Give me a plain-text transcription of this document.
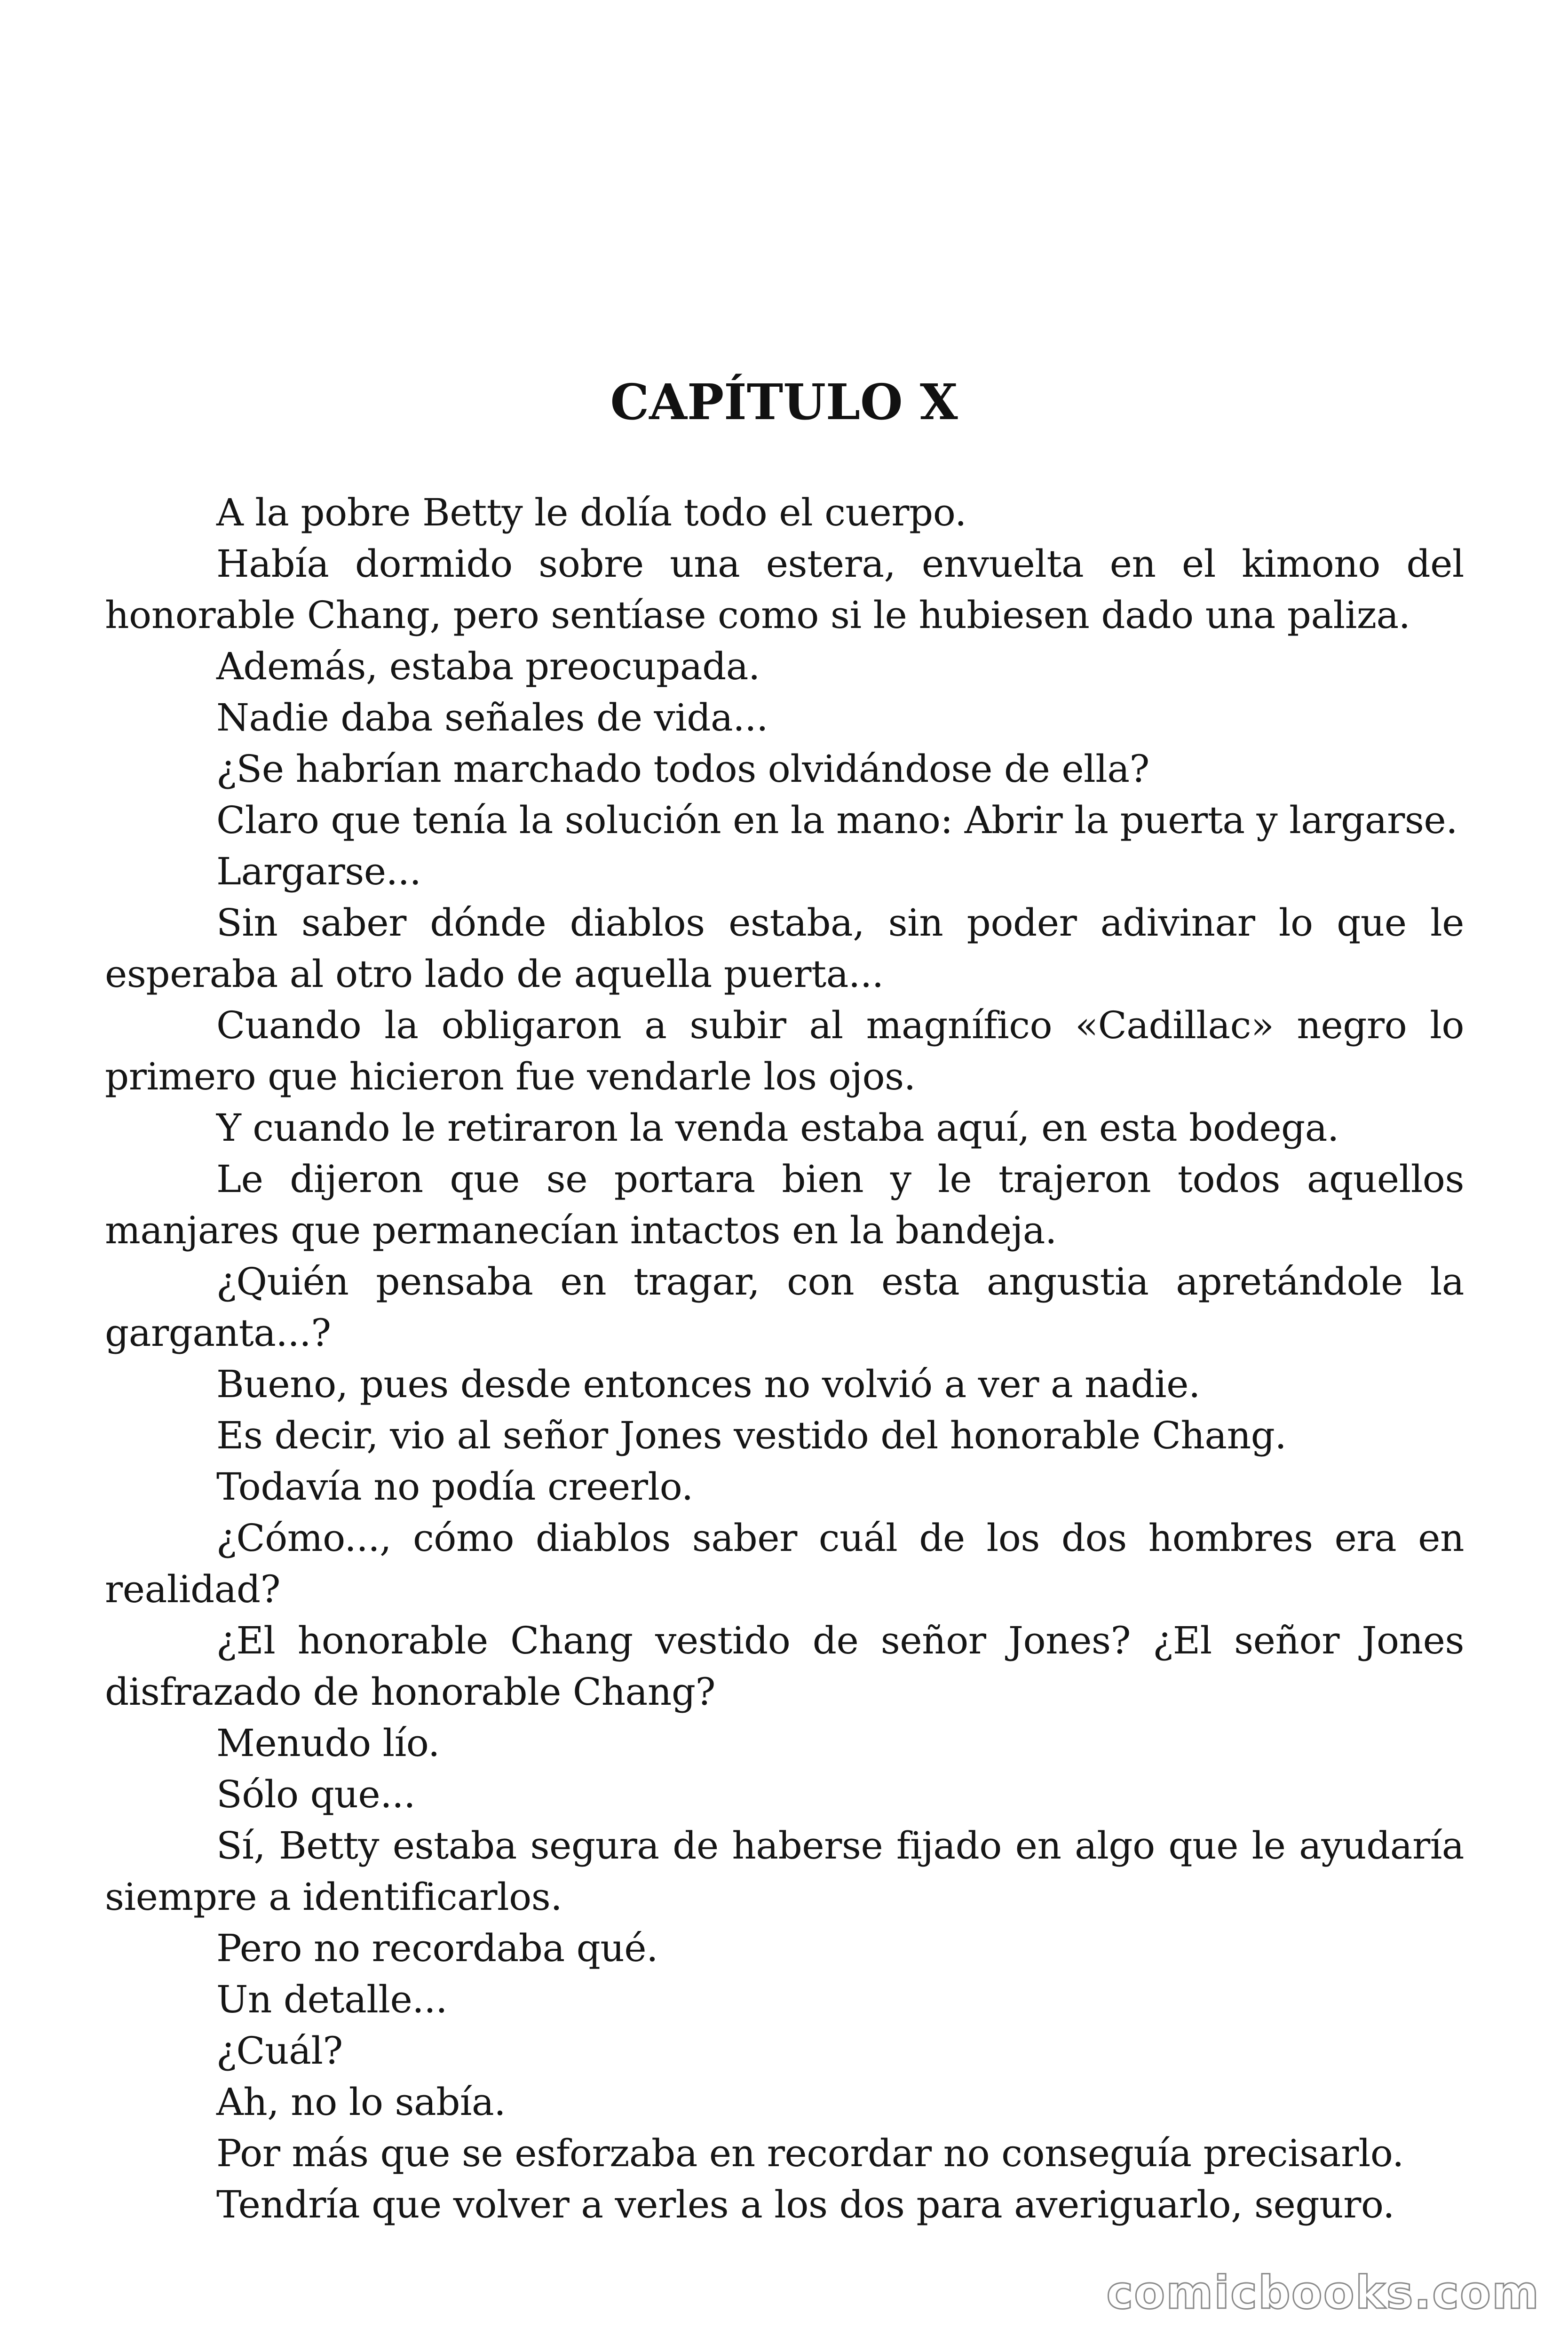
CAPÍTULO X

A la pobre Betty le dolía todo el cuerpo.

Había dormido sobre una estera, envuelta en el kimono del honorable Chang, pero sentíase como si le hubiesen dado una paliza.

Además, estaba preocupada.

Nadie daba señales de vida...

¿Se habrían marchado todos olvidándose de ella?

Claro que tenía la solución en la mano: Abrir la puerta y largarse.

Largarse...

Sin saber dónde diablos estaba, sin poder adivinar lo que le esperaba al otro lado de aquella puerta...

Cuando la obligaron a subir al magnífico «Cadillac» negro lo primero que hicieron fue vendarle los ojos.

Y cuando le retiraron la venda estaba aquí, en esta bodega.

Le dijeron que se portara bien y le trajeron todos aquellos manjares que permanecían intactos en la bandeja.

¿Quién pensaba en tragar, con esta angustia apretándole la garganta...?

Bueno, pues desde entonces no volvió a ver a nadie.

Es decir, vio al señor Jones vestido del honorable Chang.

Todavía no podía creerlo.

¿Cómo..., cómo diablos saber cuál de los dos hombres era en realidad?

¿El honorable Chang vestido de señor Jones? ¿El señor Jones disfrazado de honorable Chang?

Menudo lío.

Sólo que...

Sí, Betty estaba segura de haberse fijado en algo que le ayudaría siempre a identificarlos.

Pero no recordaba qué.

Un detalle...

¿Cuál?

Ah, no lo sabía.

Por más que se esforzaba en recordar no conseguía precisarlo.

Tendría que volver a verles a los dos para averiguarlo, seguro.

comicbooks.com
